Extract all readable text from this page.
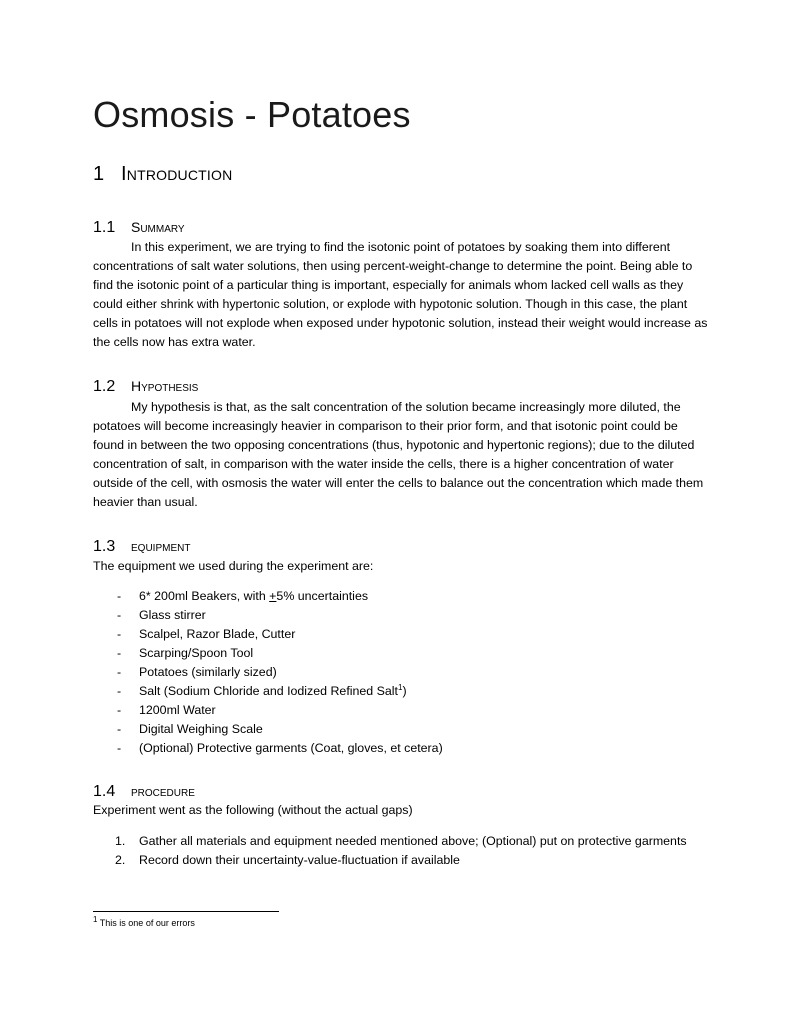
Osmosis - Potatoes
1 Introduction
1.1 Summary
In this experiment, we are trying to find the isotonic point of potatoes by soaking them into different concentrations of salt water solutions, then using percent-weight-change to determine the point. Being able to find the isotonic point of a particular thing is important, especially for animals whom lacked cell walls as they could either shrink with hypertonic solution, or explode with hypotonic solution. Though in this case, the plant cells in potatoes will not explode when exposed under hypotonic solution, instead their weight would increase as the cells now has extra water.
1.2 Hypothesis
My hypothesis is that, as the salt concentration of the solution became increasingly more diluted, the potatoes will become increasingly heavier in comparison to their prior form, and that isotonic point could be found in between the two opposing concentrations (thus, hypotonic and hypertonic regions); due to the diluted concentration of salt, in comparison with the water inside the cells, there is a higher concentration of water outside of the cell, with osmosis the water will enter the cells to balance out the concentration which made them heavier than usual.
1.3 equipment
The equipment we used during the experiment are:
- 6* 200ml Beakers, with +5% uncertainties
- Glass stirrer
- Scalpel, Razor Blade, Cutter
- Scarping/Spoon Tool
- Potatoes (similarly sized)
- Salt (Sodium Chloride and Iodized Refined Salt$^1$)
- 1200ml Water
- Digital Weighing Scale
- (Optional) Protective garments (Coat, gloves, et cetera)
1.4 procedure
Experiment went as the following (without the actual gaps)
1. Gather all materials and equipment needed mentioned above; (Optional) put on protective garments
2. Record down their uncertainty-value-fluctuation if available
$^1$ This is one of our errors
